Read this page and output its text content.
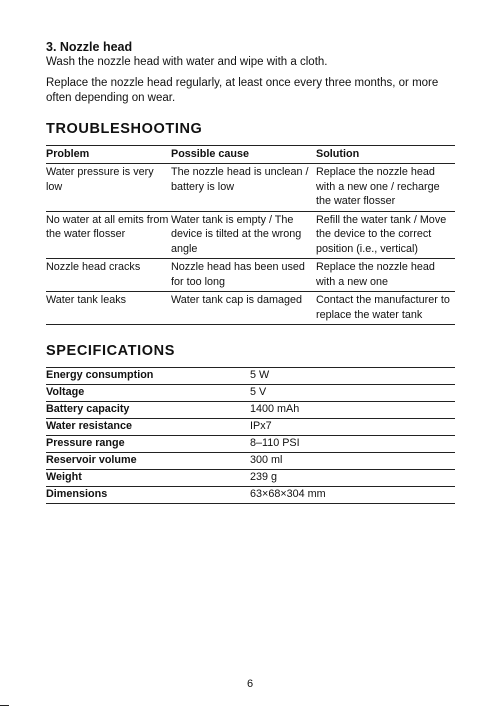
3. Nozzle head

Wash the nozzle head with water and wipe with a cloth.

Replace the nozzle head regularly, at least once every three months, or more often depending on wear.

TROUBLESHOOTING
Problem	Possible cause	Solution
Water pressure is very low	The nozzle head is unclean / battery is low	Replace the nozzle head with a new one / recharge the water flosser
No water at all emits from the water flosser	Water tank is empty / The device is tilted at the wrong angle	Refill the water tank / Move the device to the correct position (i.e., vertical)
Nozzle head cracks	Nozzle head has been used for too long	Replace the nozzle head with a new one
Water tank leaks	Water tank cap is damaged	Contact the manufacturer to replace the water tank
SPECIFICATIONS
Energy consumption	5 W
Voltage	5 V
Battery capacity	1400 mAh
Water resistance	IPx7
Pressure range	8–110 PSI
Reservoir volume	300 ml
Weight	239 g
Dimensions	63×68×304 mm
6
